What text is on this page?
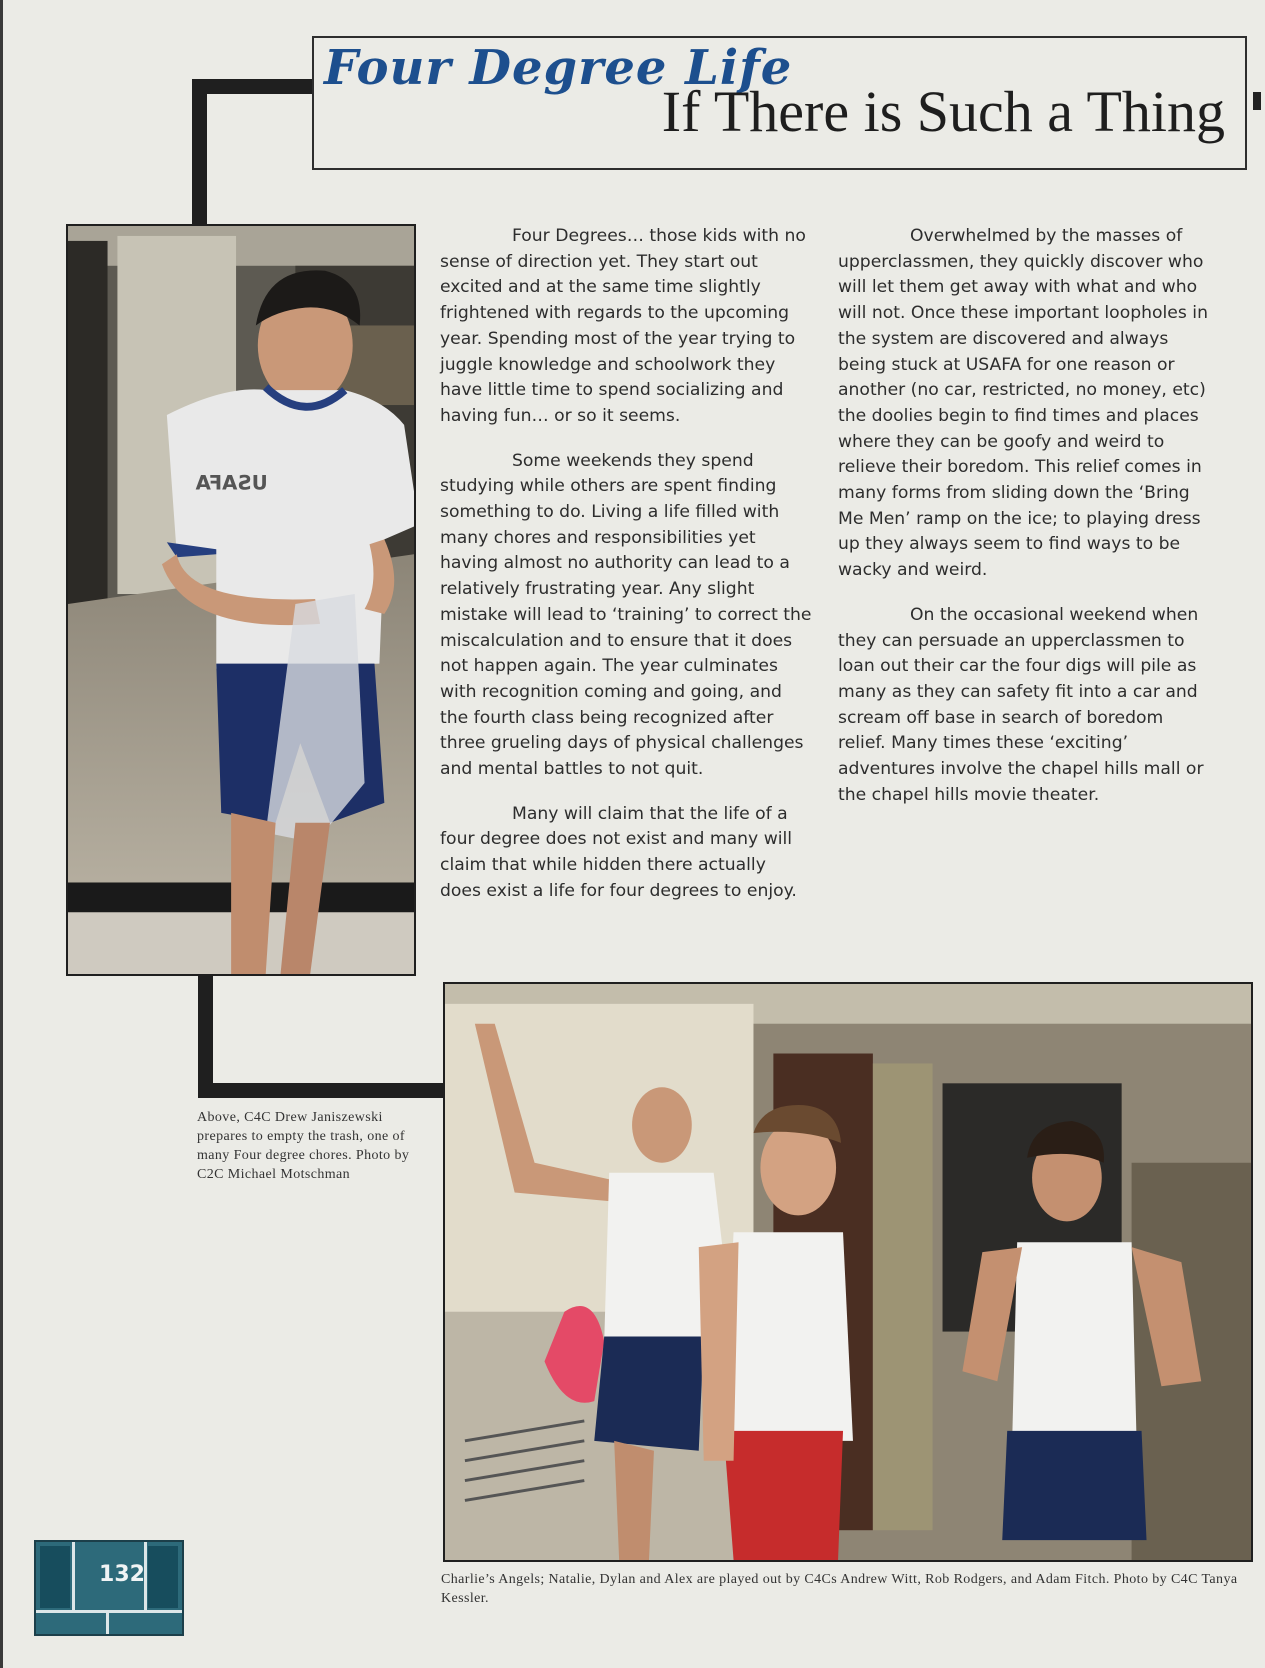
Four Degree Life
If There is Such a Thing
USAFA

Four Degrees… those kids with no sense of direction yet. They start out excited and at the same time slightly frightened with regards to the upcoming year. Spending most of the year trying to juggle knowledge and schoolwork they have little time to spend socializing and having fun… or so it seems.

Some weekends they spend studying while others are spent finding something to do. Living a life filled with many chores and responsibilities yet having almost no authority can lead to a relatively frustrating year. Any slight mistake will lead to ‘training’ to correct the miscalculation and to ensure that it does not happen again. The year culminates with recognition coming and going, and the fourth class being recognized after three grueling days of physical challenges and mental battles to not quit.

Many will claim that the life of a four degree does not exist and many will claim that while hidden there actually does exist a life for four degrees to enjoy.

Overwhelmed by the masses of upperclassmen, they quickly discover who will let them get away with what and who will not. Once these important loopholes in the system are discovered and always being stuck at USAFA for one reason or another (no car, restricted, no money, etc) the doolies begin to find times and places where they can be goofy and weird to relieve their boredom. This relief comes in many forms from sliding down the ‘Bring Me Men’ ramp on the ice; to playing dress up they always seem to find ways to be wacky and weird.

On the occasional weekend when they can persuade an upperclassmen to loan out their car the four digs will pile as many as they can safety fit into a car and scream off base in search of boredom relief. Many times these ‘exciting’ adventures involve the chapel hills mall or the chapel hills movie theater.

Above, C4C Drew Janiszewski prepares to empty the trash, one of many Four degree chores. Photo by C2C Michael Motschman
Charlie’s Angels; Natalie, Dylan and Alex are played out by C4Cs Andrew Witt, Rob Rodgers, and Adam Fitch. Photo by C4C Tanya Kessler.
132
